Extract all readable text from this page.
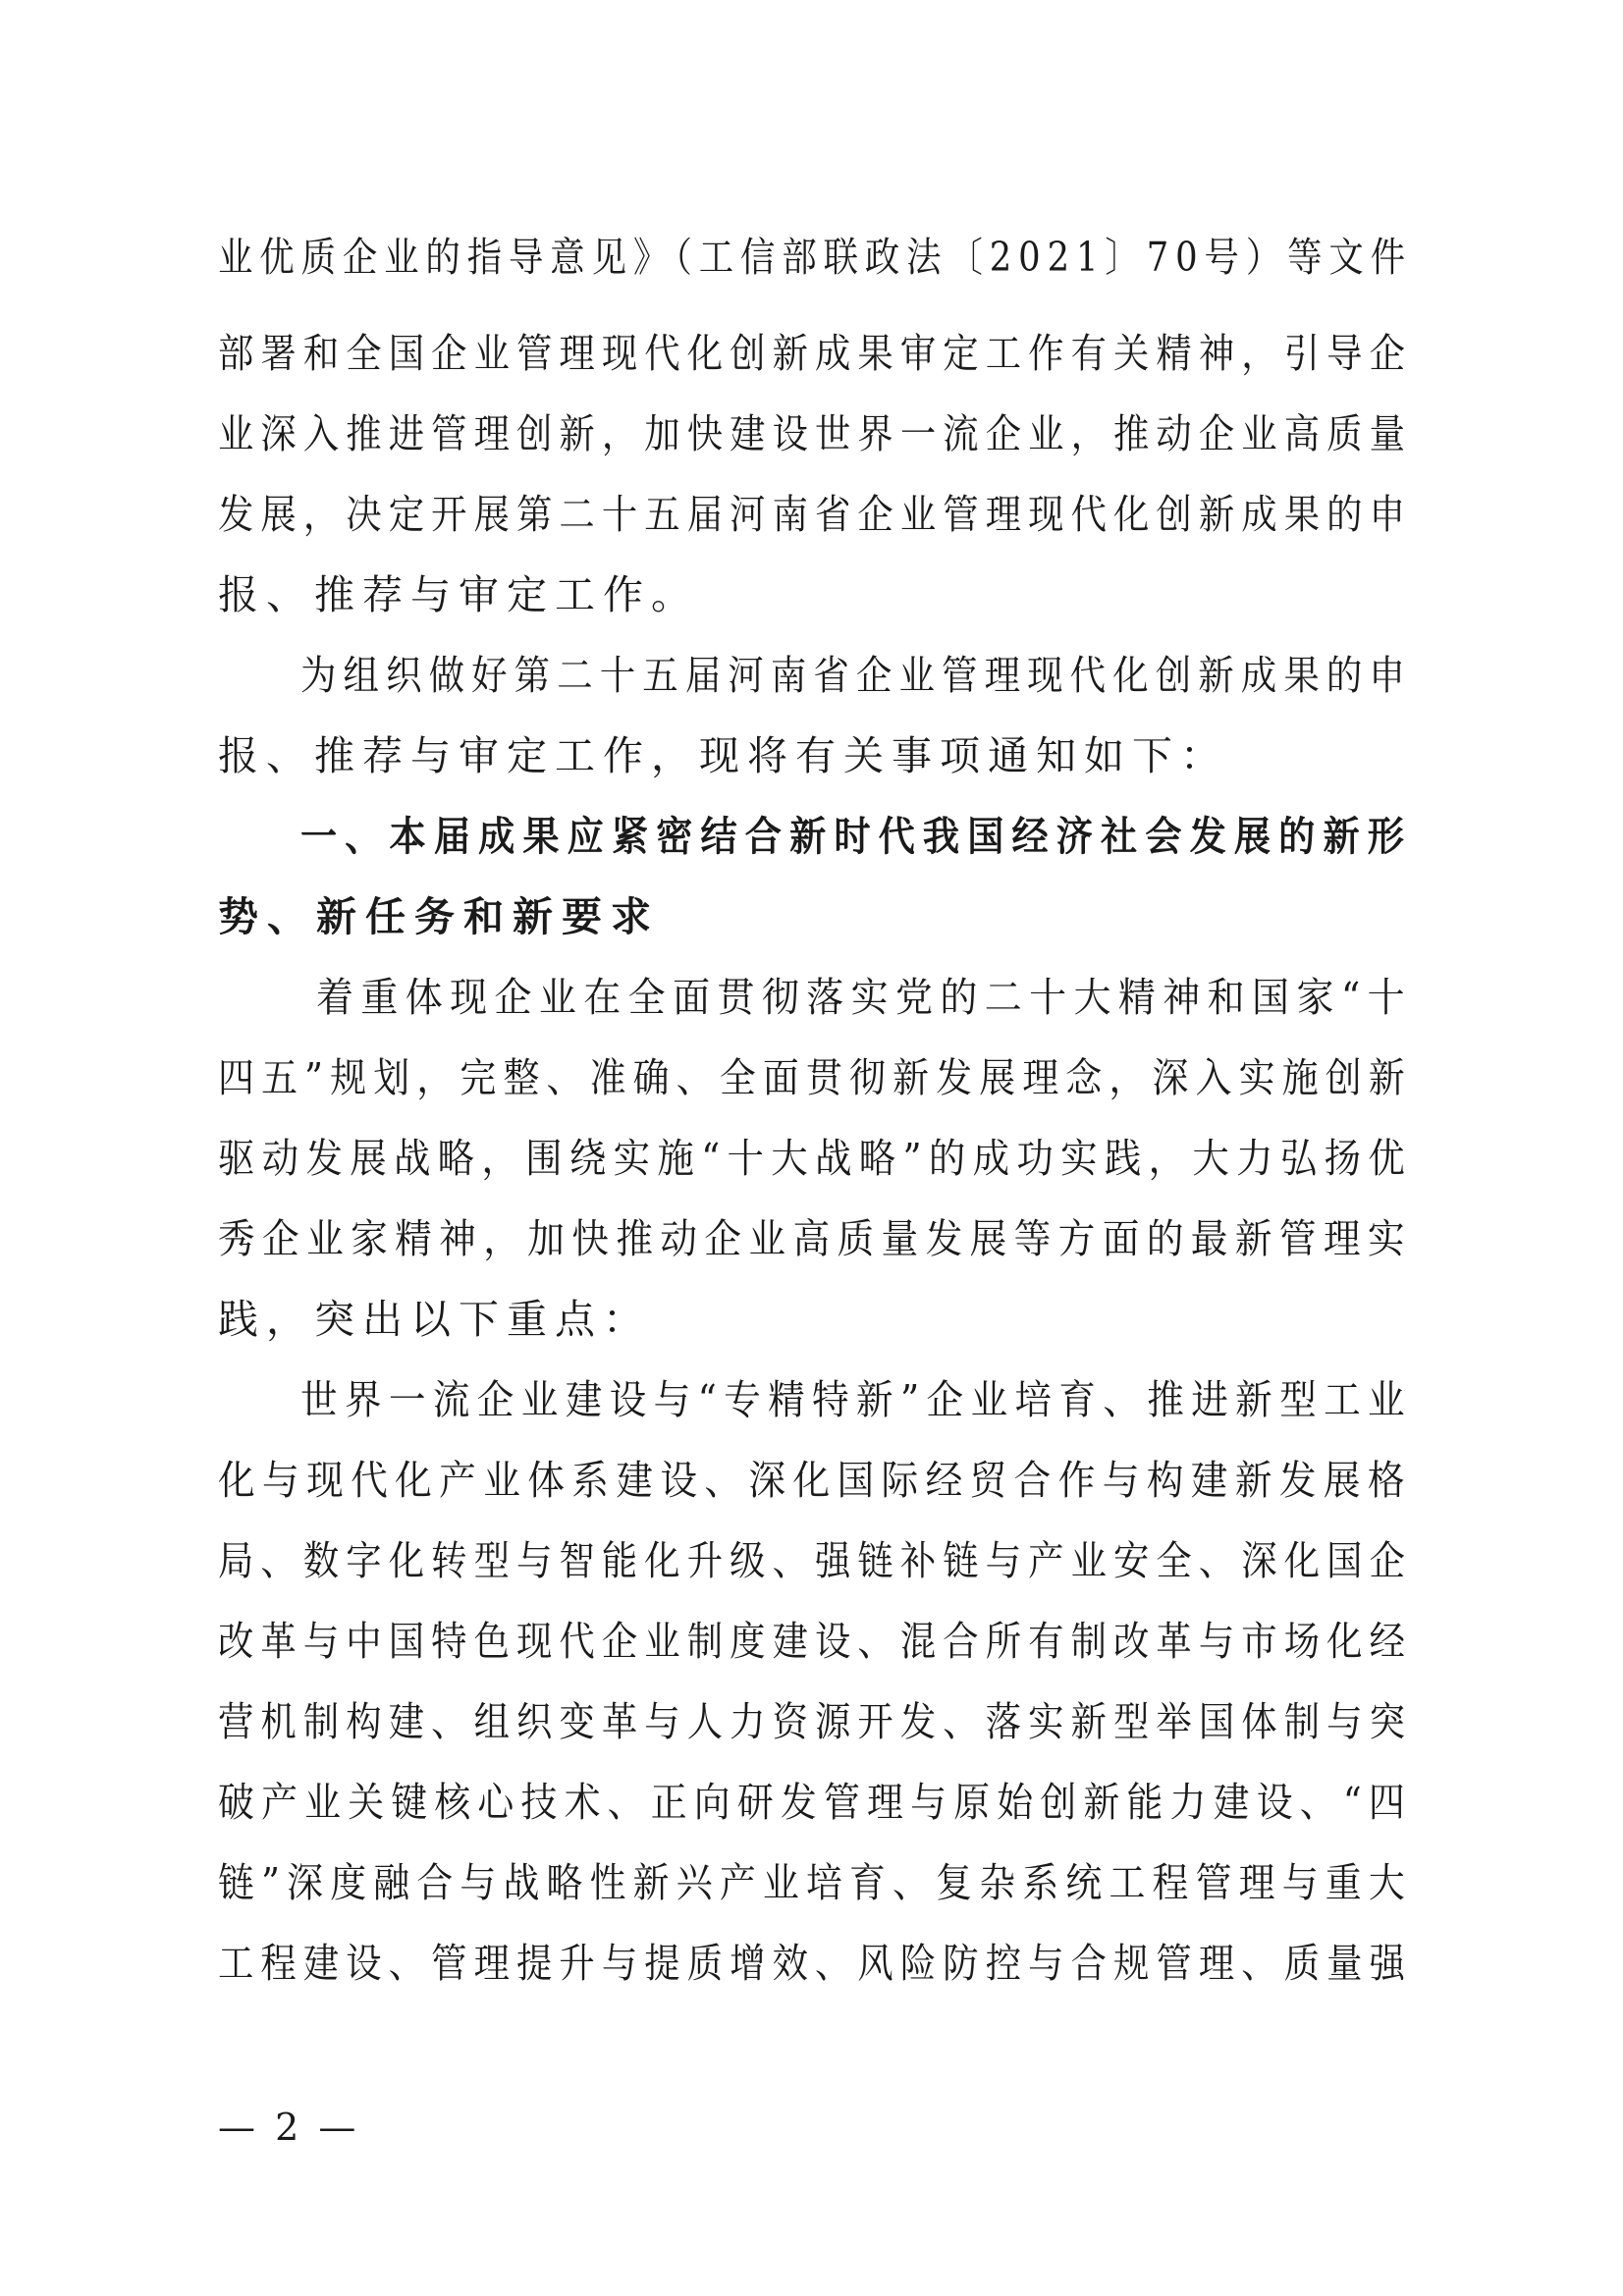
业优质企业的指导意见》（工信部联政法〔2021〕70号）等文件
部署和全国企业管理现代化创新成果审定工作有关精神，引导企
业深入推进管理创新，加快建设世界一流企业，推动企业高质量
发展，决定开展第二十五届河南省企业管理现代化创新成果的申
报、推荐与审定工作。
为组织做好第二十五届河南省企业管理现代化创新成果的申
报、推荐与审定工作，现将有关事项通知如下：
一、本届成果应紧密结合新时代我国经济社会发展的新形
势、新任务和新要求
着重体现企业在全面贯彻落实党的二十大精神和国家“十
四五”规划，完整、准确、全面贯彻新发展理念，深入实施创新
驱动发展战略，围绕实施“十大战略”的成功实践，大力弘扬优
秀企业家精神，加快推动企业高质量发展等方面的最新管理实
践，突出以下重点：
世界一流企业建设与“专精特新”企业培育、推进新型工业
化与现代化产业体系建设、深化国际经贸合作与构建新发展格
局、数字化转型与智能化升级、强链补链与产业安全、深化国企
改革与中国特色现代企业制度建设、混合所有制改革与市场化经
营机制构建、组织变革与人力资源开发、落实新型举国体制与突
破产业关键核心技术、正向研发管理与原始创新能力建设、“四
链”深度融合与战略性新兴产业培育、复杂系统工程管理与重大
工程建设、管理提升与提质增效、风险防控与合规管理、质量强
— 2 —
